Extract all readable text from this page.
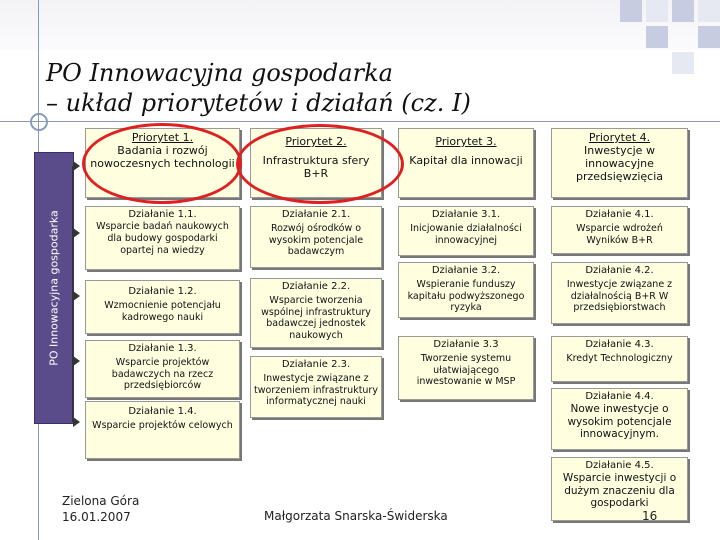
PO Innowacyjna gospodarka
– układ priorytetów i działań (cz. I)
PO Innowacyjna gospodarka
Priorytet 1.
Badania i rozwój nowoczesnych technologii
Priorytet 2.
Infrastruktura sfery B+R
Priorytet 3.
Kapitał dla innowacji
Priorytet 4.
Inwestycje w innowacyjne przedsięwzięcia
Działanie 1.1.
Wsparcie badań naukowych dla budowy gospodarki opartej na wiedzy
Działanie 1.2.
Wzmocnienie potencjału kadrowego nauki
Działanie 1.3.
Wsparcie projektów badawczych na rzecz przedsiębiorców
Działanie 1.4.
Wsparcie projektów celowych
Działanie 2.1.
Rozwój ośrodków o wysokim potencjale badawczym
Działanie 2.2.
Wsparcie tworzenia wspólnej infrastruktury badawczej jednostek naukowych
Działanie 2.3.
Inwestycje związane z tworzeniem infrastruktury informatycznej nauki
Działanie 3.1.
Inicjowanie działalności innowacyjnej
Działanie 3.2.
Wspieranie funduszy kapitału podwyższonego ryzyka
Działanie 3.3
Tworzenie systemu ułatwiającego inwestowanie w MSP
Działanie 4.1.
Wsparcie wdrożeń Wyników B+R
Działanie 4.2.
Inwestycje związane z działalnością B+R W przedsiębiorstwach
Działanie 4.3.
Kredyt Technologiczny
Działanie 4.4.
Nowe inwestycje o wysokim potencjale innowacyjnym.
Działanie 4.5.
Wsparcie inwestycji o dużym znaczeniu dla gospodarki
Zielona Góra
16.01.2007	Małgorzata Snarska-Świderska	16
